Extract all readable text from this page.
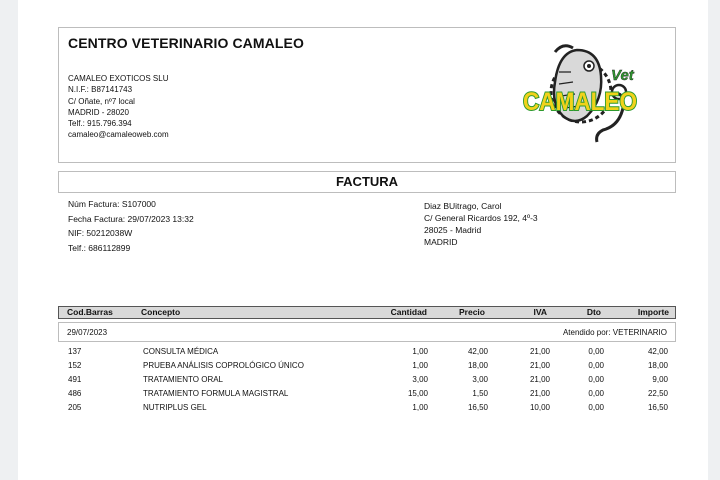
CENTRO VETERINARIO CAMALEO
CAMALEO EXOTICOS SLU
N.I.F.: B87141743
C/ Oñate, nº7 local
MADRID - 28020
Telf.: 915.796.394
camaleo@camaleoweb.com
Vet
CAMALEO
FACTURA
Núm Factura: S107000
Fecha Factura: 29/07/2023 13:32
NIF: 50212038W
Telf.: 686112899
Diaz BUitrago, Carol
C/ General Ricardos 192, 4º-3
28025 - Madrid
MADRID
Cod.Barras	Concepto	Cantidad	Precio	IVA	Dto	Importe
29/07/2023	Atendido por: VETERINARIO
137	CONSULTA MÉDICA	1,00	42,00	21,00	0,00	42,00
152	PRUEBA ANÁLISIS COPROLÓGICO ÚNICO	1,00	18,00	21,00	0,00	18,00
491	TRATAMIENTO ORAL	3,00	3,00	21,00	0,00	9,00
486	TRATAMIENTO FORMULA MAGISTRAL	15,00	1,50	21,00	0,00	22,50
205	NUTRIPLUS GEL	1,00	16,50	10,00	0,00	16,50
